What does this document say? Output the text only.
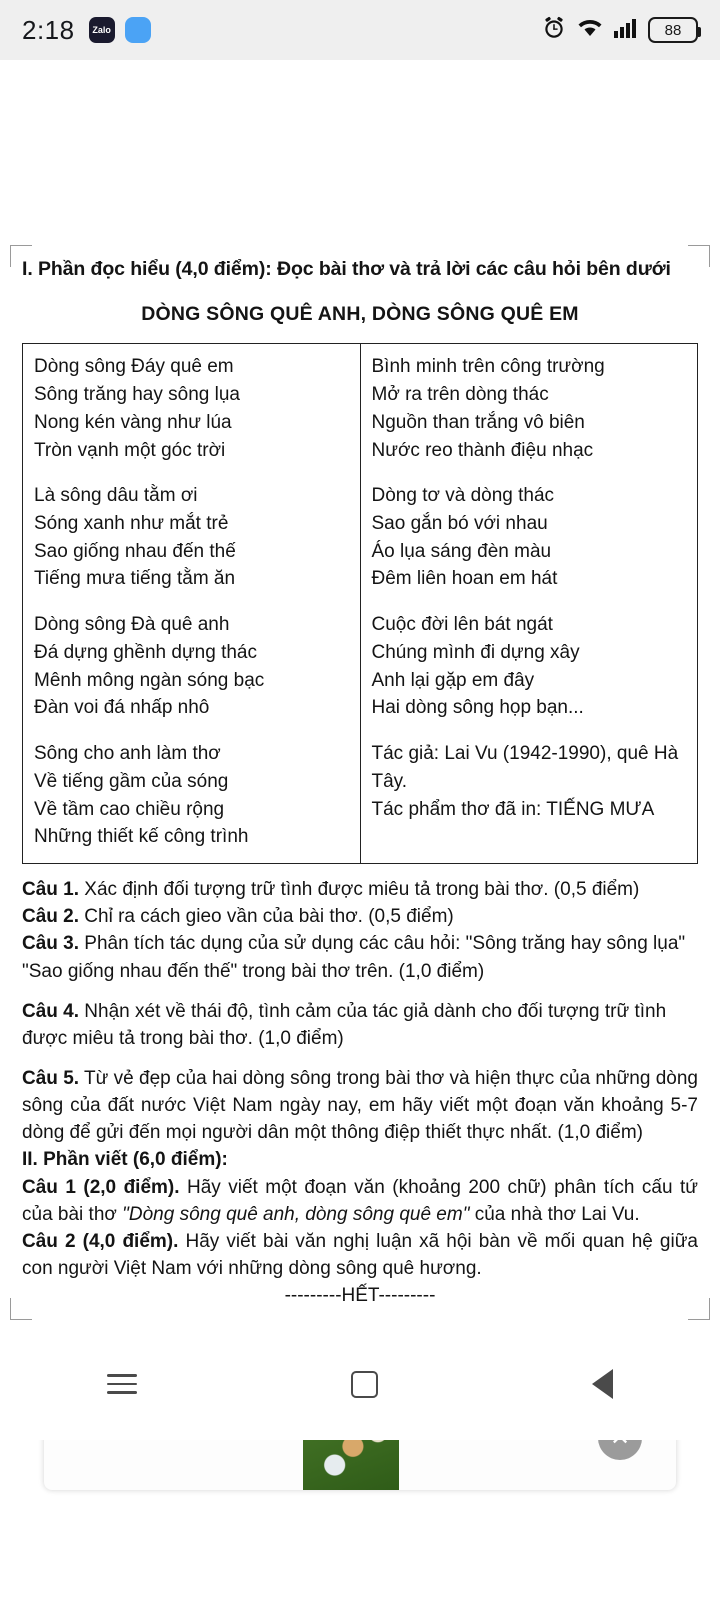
2:18	Zalo	88
I. Phần đọc hiểu (4,0 điểm): Đọc bài thơ và trả lời các câu hỏi bên dưới
DÒNG SÔNG QUÊ ANH, DÒNG SÔNG QUÊ EM
Dòng sông Đáy quê em
Sông trăng hay sông lụa
Nong kén vàng như lúa
Tròn vạnh một góc trời
Là sông dâu tằm ơi
Sóng xanh như mắt trẻ
Sao giống nhau đến thế
Tiếng mưa tiếng tằm ăn
Dòng sông Đà quê anh
Đá dựng ghềnh dựng thác
Mênh mông ngàn sóng bạc
Đàn voi đá nhấp nhô
Sông cho anh làm thơ
Về tiếng gầm của sóng
Về tầm cao chiều rộng
Những thiết kế công trình

Bình minh trên công trường
Mở ra trên dòng thác
Nguồn than trắng vô biên
Nước reo thành điệu nhạc
Dòng tơ và dòng thác
Sao gắn bó với nhau
Áo lụa sáng đèn màu
Đêm liên hoan em hát
Cuộc đời lên bát ngát
Chúng mình đi dựng xây
Anh lại gặp em đây
Hai dòng sông họp bạn...
Tác giả: Lai Vu (1942-1990), quê Hà Tây.
Tác phẩm thơ đã in: TIẾNG MƯA

Câu 1. Xác định đối tượng trữ tình được miêu tả trong bài thơ. (0,5 điểm)

Câu 2. Chỉ ra cách gieo vần của bài thơ. (0,5 điểm)

Câu 3. Phân tích tác dụng của sử dụng các câu hỏi: "Sông trăng hay sông lụa" "Sao giống nhau đến thế" trong bài thơ trên. (1,0 điểm)

Câu 4. Nhận xét về thái độ, tình cảm của tác giả dành cho đối tượng trữ tình được miêu tả trong bài thơ. (1,0 điểm)

Câu 5. Từ vẻ đẹp của hai dòng sông trong bài thơ và hiện thực của những dòng sông của đất nước Việt Nam ngày nay, em hãy viết một đoạn văn khoảng 5-7 dòng để gửi đến mọi người dân một thông điệp thiết thực nhất. (1,0 điểm)

II. Phần viết (6,0 điểm):

Câu 1 (2,0 điểm). Hãy viết một đoạn văn (khoảng 200 chữ) phân tích cấu tứ của bài thơ "Dòng sông quê anh, dòng sông quê em" của nhà thơ Lai Vu.

Câu 2 (4,0 điểm). Hãy viết bài văn nghị luận xã hội bàn về mối quan hệ giữa con người Việt Nam với những dòng sông quê hương.

---------HẾT---------
